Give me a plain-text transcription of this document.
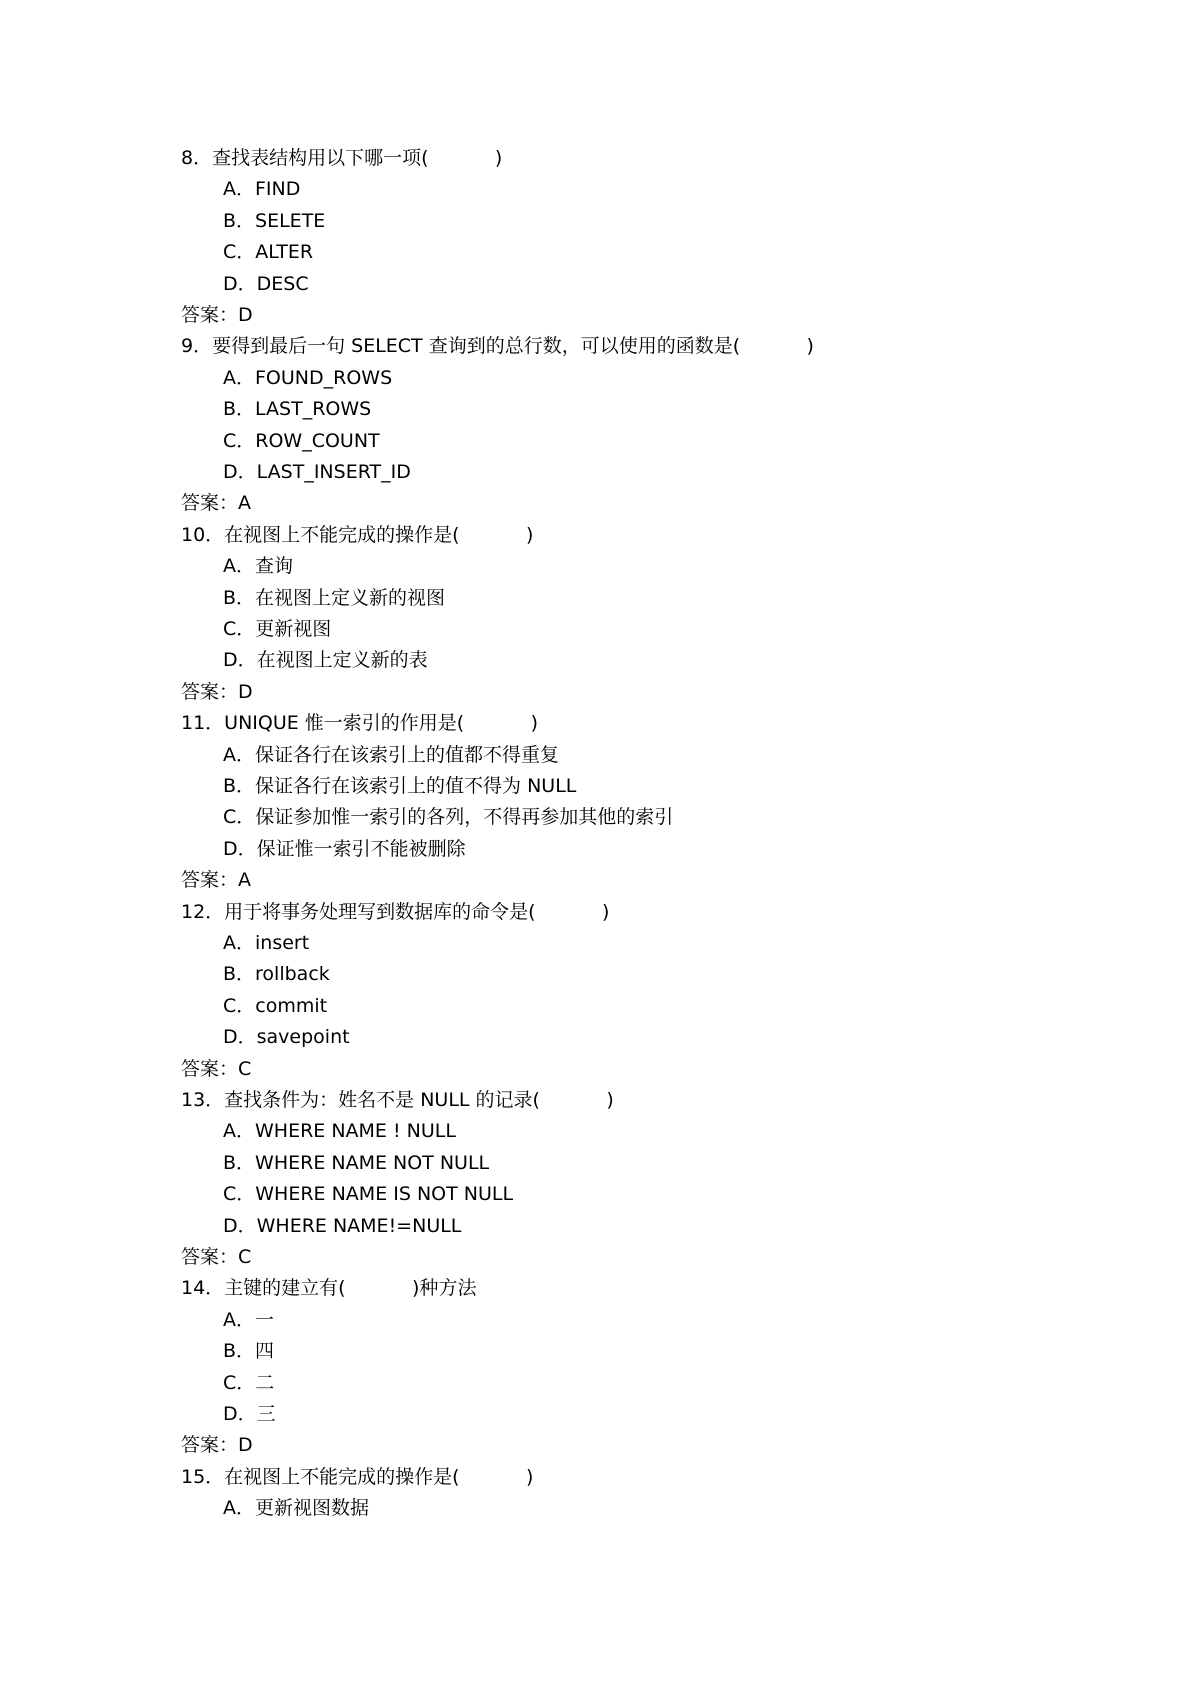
8．查找表结构用以下哪一项(           )
A．FIND
B．SELETE
C．ALTER
D．DESC
答案：D
9．要得到最后一句 SELECT 查询到的总行数，可以使用的函数是(           )
A．FOUND_ROWS
B．LAST_ROWS
C．ROW_COUNT
D．LAST_INSERT_ID
答案：A
10．在视图上不能完成的操作是(           )
A．查询
B．在视图上定义新的视图
C．更新视图
D．在视图上定义新的表
答案：D
11．UNIQUE 惟一索引的作用是(           )
A．保证各行在该索引上的值都不得重复
B．保证各行在该索引上的值不得为 NULL
C．保证参加惟一索引的各列，不得再参加其他的索引
D．保证惟一索引不能被删除
答案：A
12．用于将事务处理写到数据库的命令是(           )
A．insert
B．rollback
C．commit
D．savepoint
答案：C
13．查找条件为：姓名不是 NULL 的记录(           )
A．WHERE NAME ! NULL
B．WHERE NAME NOT NULL
C．WHERE NAME IS NOT NULL
D．WHERE NAME!=NULL
答案：C
14．主键的建立有(           )种方法
A．一
B．四
C．二
D．三
答案：D
15．在视图上不能完成的操作是(           )
A．更新视图数据
